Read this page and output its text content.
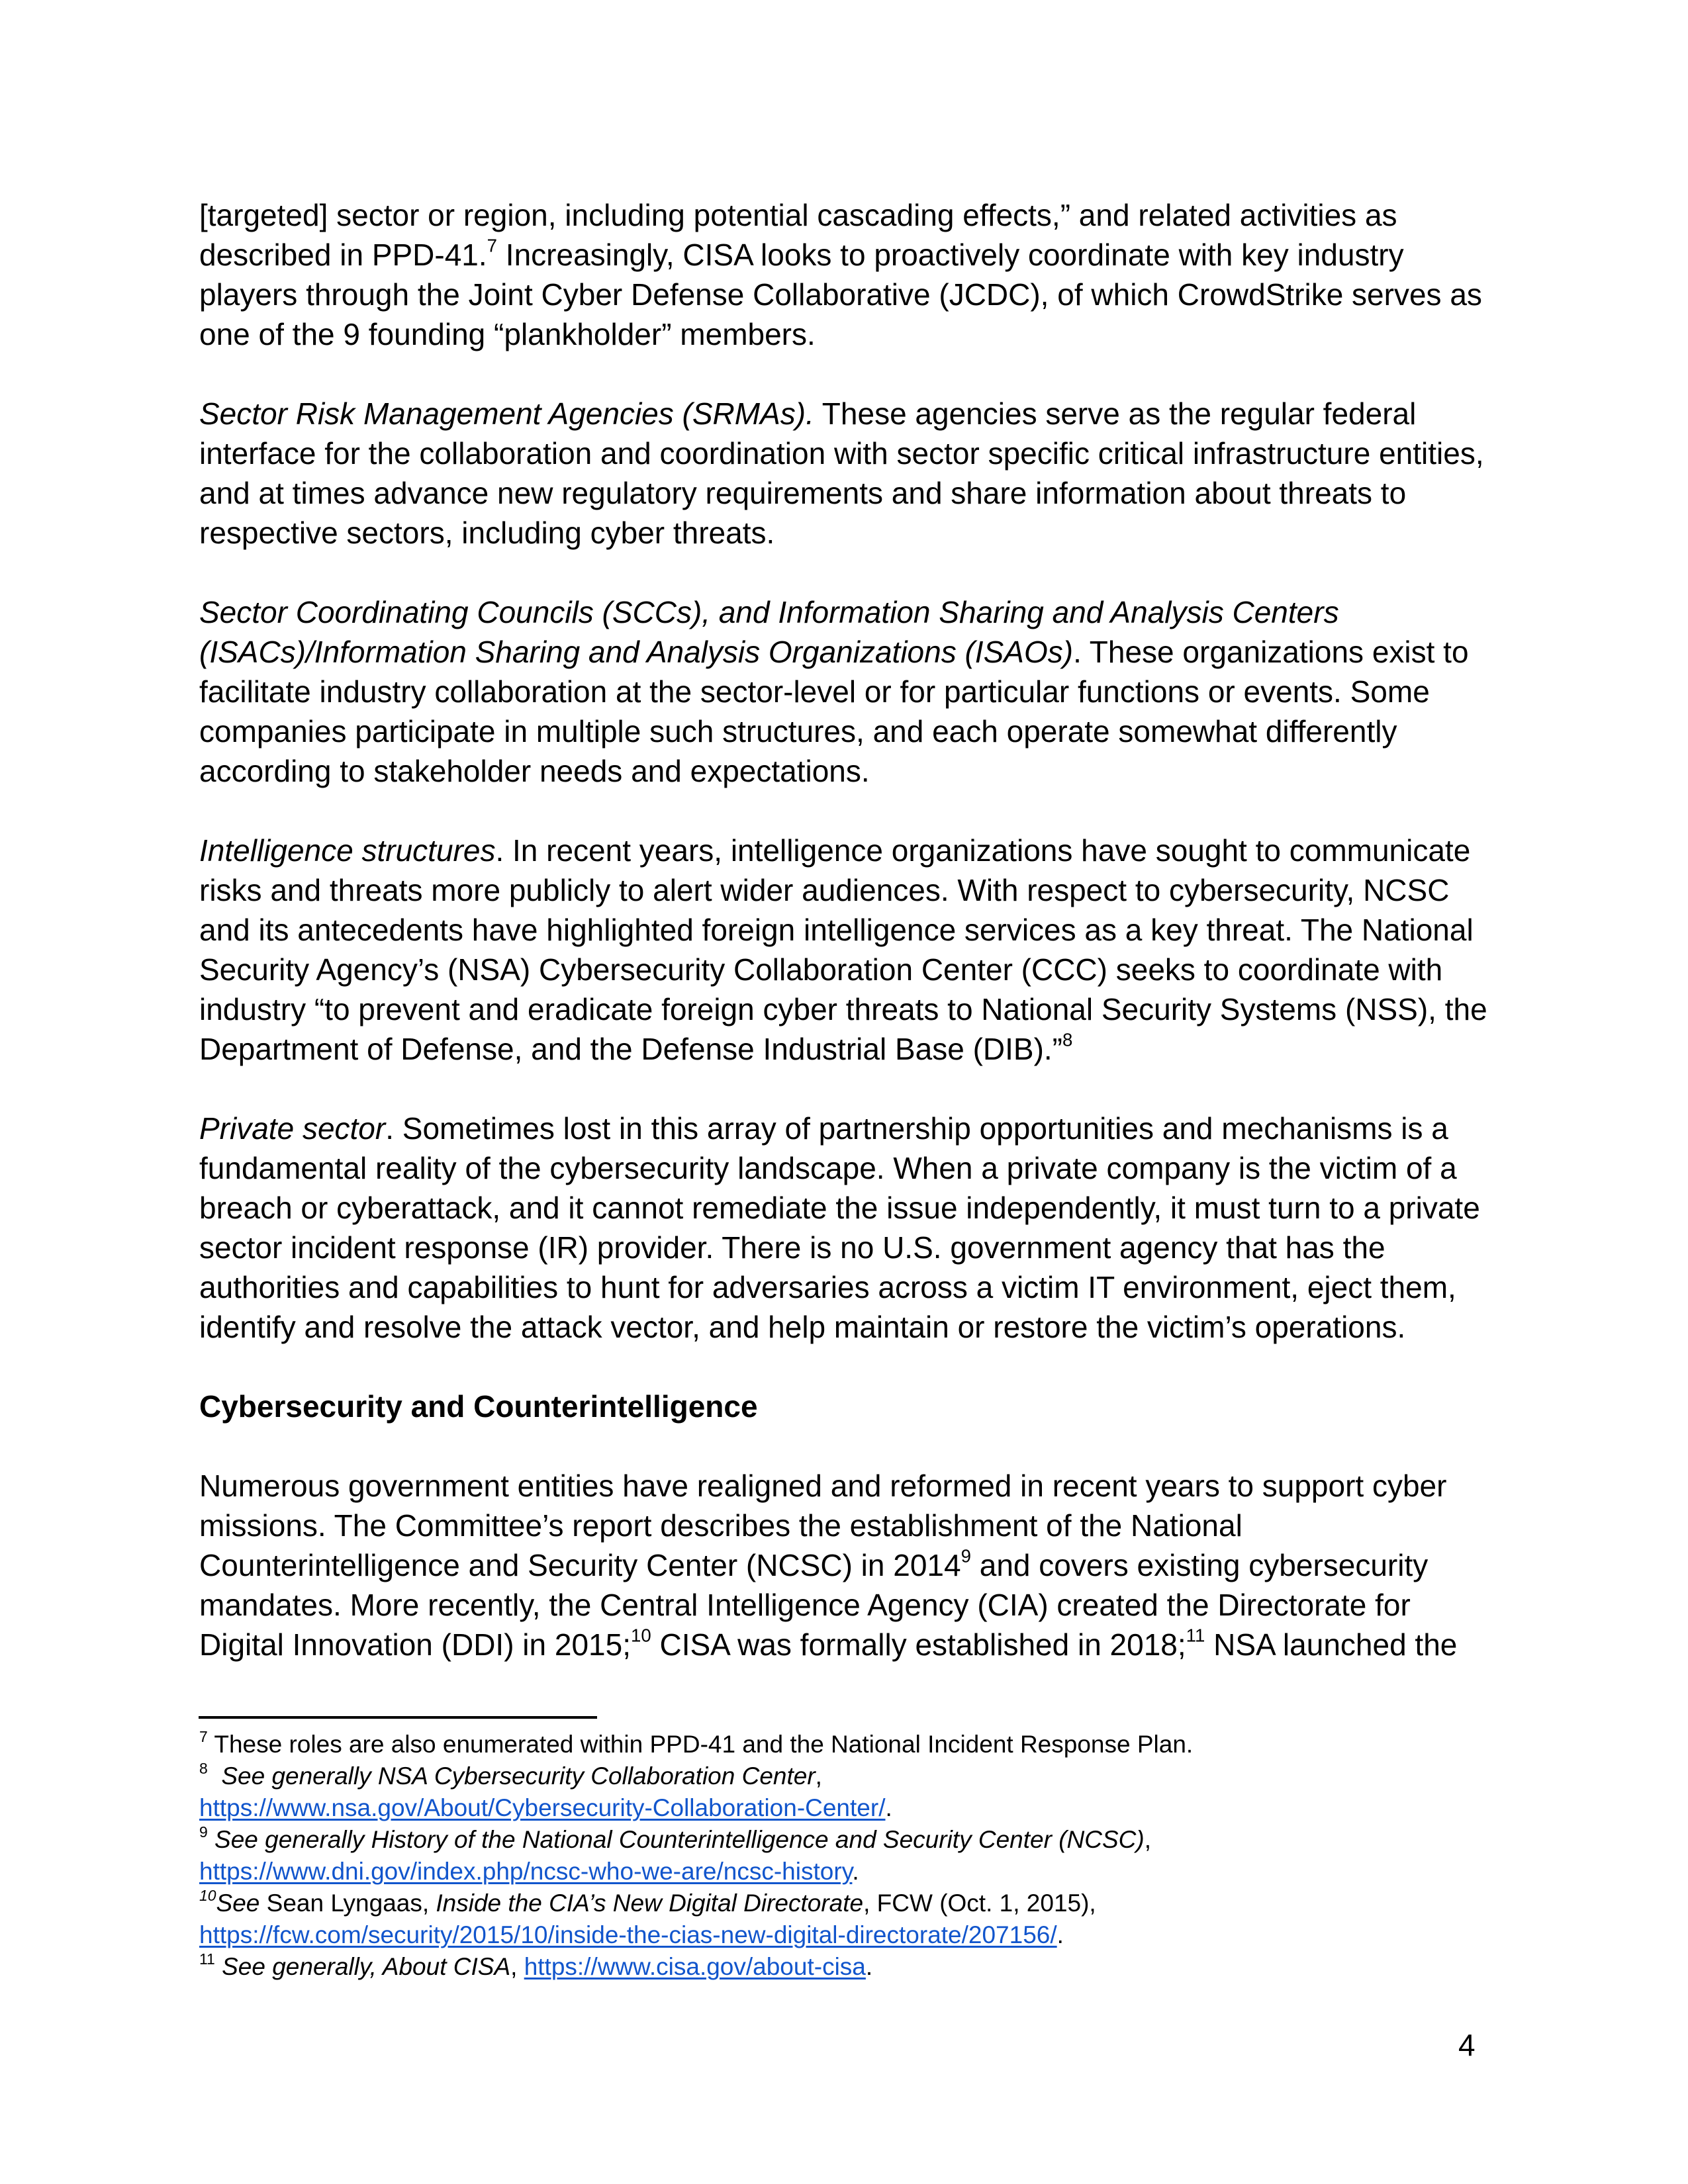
[targeted] sector or region, including potential cascading effects,” and related activities as
described in PPD-41.$^7$ Increasingly, CISA looks to proactively coordinate with key industry
players through the Joint Cyber Defense Collaborative (JCDC), of which CrowdStrike serves as
one of the 9 founding “plankholder” members.
Sector Risk Management Agencies (SRMAs). These agencies serve as the regular federal
interface for the collaboration and coordination with sector specific critical infrastructure entities,
and at times advance new regulatory requirements and share information about threats to
respective sectors, including cyber threats.
Sector Coordinating Councils (SCCs), and Information Sharing and Analysis Centers
(ISACs)/Information Sharing and Analysis Organizations (ISAOs). These organizations exist to
facilitate industry collaboration at the sector-level or for particular functions or events. Some
companies participate in multiple such structures, and each operate somewhat differently
according to stakeholder needs and expectations.
Intelligence structures. In recent years, intelligence organizations have sought to communicate
risks and threats more publicly to alert wider audiences. With respect to cybersecurity, NCSC
and its antecedents have highlighted foreign intelligence services as a key threat. The National
Security Agency’s (NSA) Cybersecurity Collaboration Center (CCC) seeks to coordinate with
industry “to prevent and eradicate foreign cyber threats to National Security Systems (NSS), the
Department of Defense, and the Defense Industrial Base (DIB).”$^8$
Private sector. Sometimes lost in this array of partnership opportunities and mechanisms is a
fundamental reality of the cybersecurity landscape. When a private company is the victim of a
breach or cyberattack, and it cannot remediate the issue independently, it must turn to a private
sector incident response (IR) provider. There is no U.S. government agency that has the
authorities and capabilities to hunt for adversaries across a victim IT environment, eject them,
identify and resolve the attack vector, and help maintain or restore the victim’s operations.
Cybersecurity and Counterintelligence
Numerous government entities have realigned and reformed in recent years to support cyber
missions. The Committee’s report describes the establishment of the National
Counterintelligence and Security Center (NCSC) in 2014$^9$ and covers existing cybersecurity
mandates. More recently, the Central Intelligence Agency (CIA) created the Directorate for
Digital Innovation (DDI) in 2015;$^{10}$ CISA was formally established in 2018;$^{11}$ NSA launched the
$^7$ These roles are also enumerated within PPD-41 and the National Incident Response Plan.
$^8$  See generally NSA Cybersecurity Collaboration Center,
https://www.nsa.gov/About/Cybersecurity-Collaboration-Center/.
$^9$ See generally History of the National Counterintelligence and Security Center (NCSC),
https://www.dni.gov/index.php/ncsc-who-we-are/ncsc-history.
$^{10}$See Sean Lyngaas, Inside the CIA’s New Digital Directorate, FCW (Oct. 1, 2015),
https://fcw.com/security/2015/10/inside-the-cias-new-digital-directorate/207156/.
$^{11}$ See generally, About CISA, https://www.cisa.gov/about-cisa.
4
